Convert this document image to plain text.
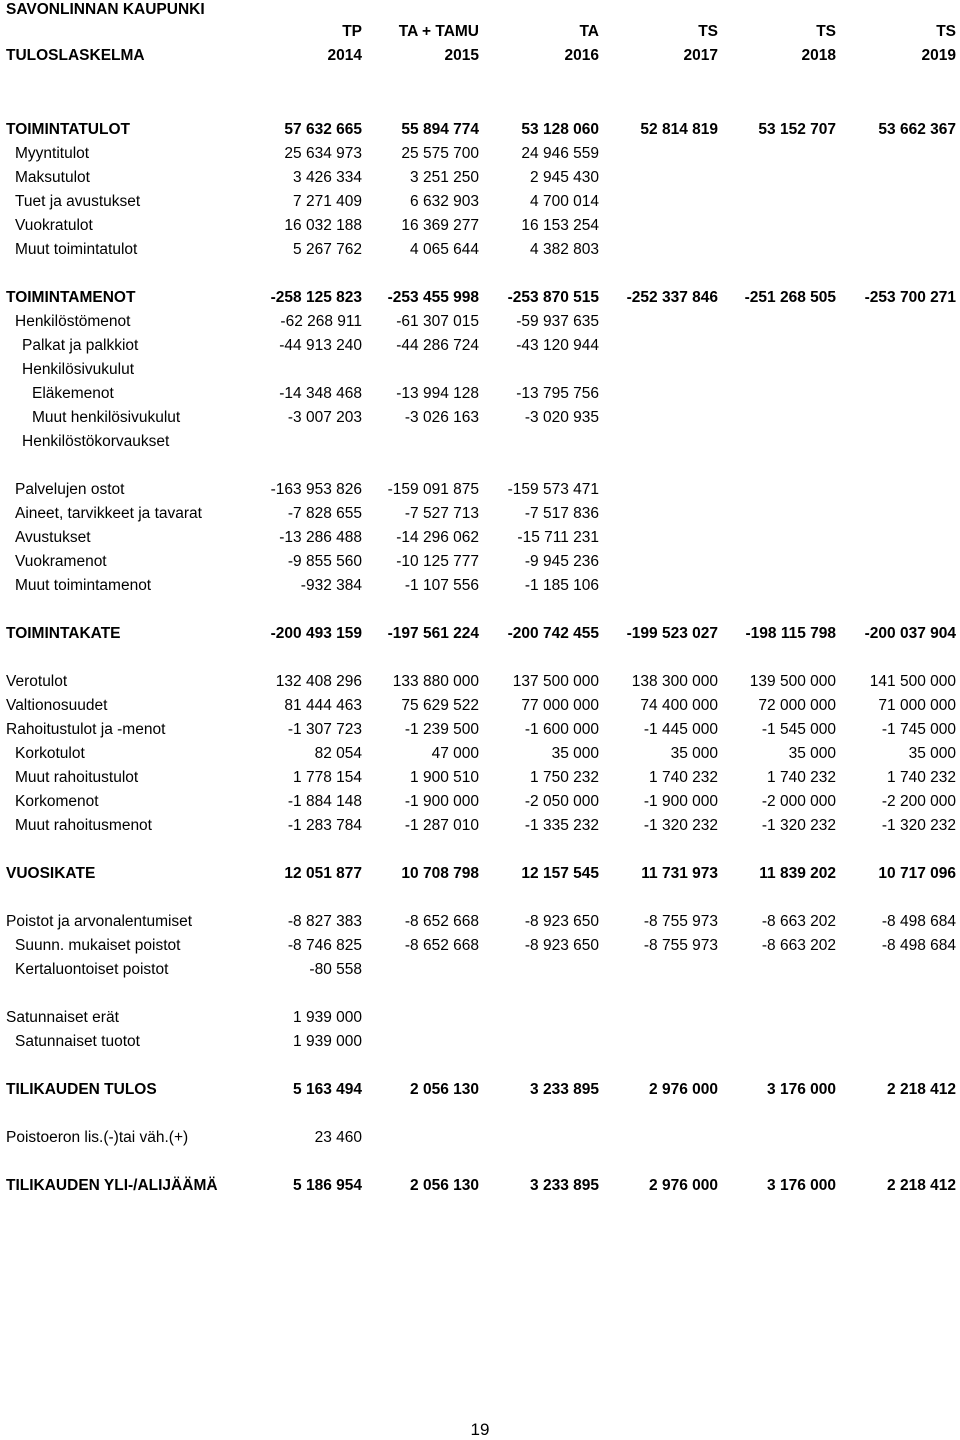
SAVONLINNAN KAUPUNKI
	TP	TA + TAMU	TA	TS	TS	TS
TULOSLASKELMA	2014	2015	2016	2017	2018	2019

TOIMINTATULOT	57 632 665	55 894 774	53 128 060	52 814 819	53 152 707	53 662 367
Myyntitulot	25 634 973	25 575 700	24 946 559			
Maksutulot	3 426 334	3 251 250	2 945 430			
Tuet ja avustukset	7 271 409	6 632 903	4 700 014			
Vuokratulot	16 032 188	16 369 277	16 153 254			
Muut toimintatulot	5 267 762	4 065 644	4 382 803			

TOIMINTAMENOT	-258 125 823	-253 455 998	-253 870 515	-252 337 846	-251 268 505	-253 700 271
Henkilöstömenot	-62 268 911	-61 307 015	-59 937 635			
Palkat ja palkkiot	-44 913 240	-44 286 724	-43 120 944			
Henkilösivukulut						
Eläkemenot	-14 348 468	-13 994 128	-13 795 756			
Muut henkilösivukulut	-3 007 203	-3 026 163	-3 020 935			
Henkilöstökorvaukset						

Palvelujen ostot	-163 953 826	-159 091 875	-159 573 471			
Aineet, tarvikkeet ja tavarat	-7 828 655	-7 527 713	-7 517 836			
Avustukset	-13 286 488	-14 296 062	-15 711 231			
Vuokramenot	-9 855 560	-10 125 777	-9 945 236			
Muut toimintamenot	-932 384	-1 107 556	-1 185 106			

TOIMINTAKATE	-200 493 159	-197 561 224	-200 742 455	-199 523 027	-198 115 798	-200 037 904

Verotulot	132 408 296	133 880 000	137 500 000	138 300 000	139 500 000	141 500 000
Valtionosuudet	81 444 463	75 629 522	77 000 000	74 400 000	72 000 000	71 000 000
Rahoitustulot ja -menot	-1 307 723	-1 239 500	-1 600 000	-1 445 000	-1 545 000	-1 745 000
Korkotulot	82 054	47 000	35 000	35 000	35 000	35 000
Muut rahoitustulot	1 778 154	1 900 510	1 750 232	1 740 232	1 740 232	1 740 232
Korkomenot	-1 884 148	-1 900 000	-2 050 000	-1 900 000	-2 000 000	-2 200 000
Muut rahoitusmenot	-1 283 784	-1 287 010	-1 335 232	-1 320 232	-1 320 232	-1 320 232

VUOSIKATE	12 051 877	10 708 798	12 157 545	11 731 973	11 839 202	10 717 096

Poistot ja arvonalentumiset	-8 827 383	-8 652 668	-8 923 650	-8 755 973	-8 663 202	-8 498 684
Suunn. mukaiset poistot	-8 746 825	-8 652 668	-8 923 650	-8 755 973	-8 663 202	-8 498 684
Kertaluontoiset poistot	-80 558					

Satunnaiset erät	1 939 000					
Satunnaiset tuotot	1 939 000					

TILIKAUDEN TULOS	5 163 494	2 056 130	3 233 895	2 976 000	3 176 000	2 218 412

Poistoeron lis.(-)tai väh.(+)	23 460					

TILIKAUDEN YLI-/ALIJÄÄMÄ	5 186 954	2 056 130	3 233 895	2 976 000	3 176 000	2 218 412
19
